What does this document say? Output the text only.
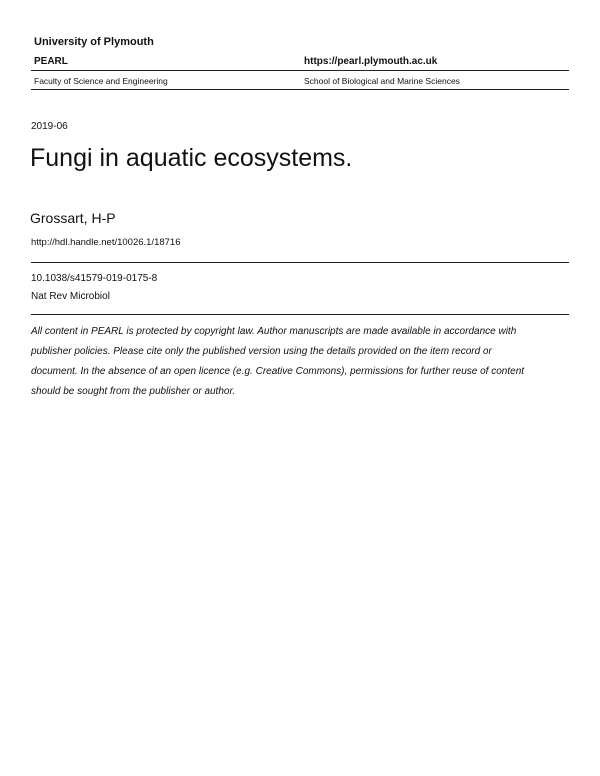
University of Plymouth
PEARL	https://pearl.plymouth.ac.uk
Faculty of Science and Engineering	School of Biological and Marine Sciences
2019-06
Fungi in aquatic ecosystems.
Grossart, H-P
http://hdl.handle.net/10026.1/18716
10.1038/s41579-019-0175-8
Nat Rev Microbiol
All content in PEARL is protected by copyright law. Author manuscripts are made available in accordance with
publisher policies. Please cite only the published version using the details provided on the item record or
document. In the absence of an open licence (e.g. Creative Commons), permissions for further reuse of content
should be sought from the publisher or author.
